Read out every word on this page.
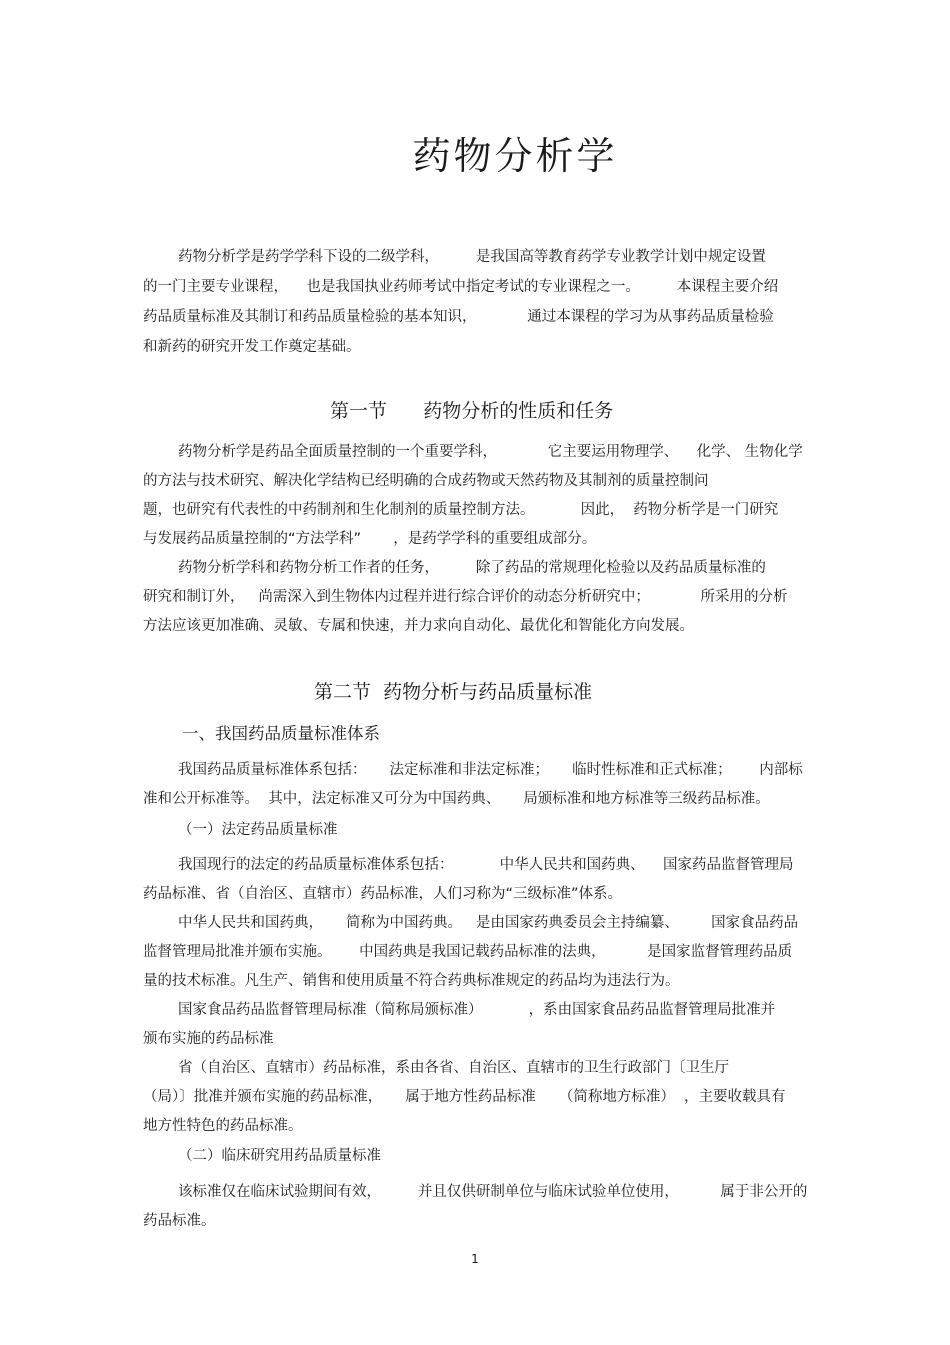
药物分析学
药物分析学是药学学科下设的二级学科，        是我国高等教育药学专业教学计划中规定设置
的一门主要专业课程，    也是我国执业药师考试中指定考试的专业课程之一。        本课程主要介绍
药品质量标准及其制订和药品质量检验的基本知识，           通过本课程的学习为从事药品质量检验
和新药的研究开发工作奠定基础。
第一节      药物分析的性质和任务
药物分析学是药品全面质量控制的一个重要学科，           它主要运用物理学、    化学、 生物化学
的方法与技术研究、解决化学结构已经明确的合成药物或天然药物及其制剂的质量控制问
题，也研究有代表性的中药制剂和生化制剂的质量控制方法。          因此，  药物分析学是一门研究
与发展药品质量控制的“方法学科”       ，是药学学科的重要组成部分。
药物分析学科和药物分析工作者的任务，        除了药品的常规理化检验以及药品质量标准的
研究和制订外，   尚需深入到生物体内过程并进行综合评价的动态分析研究中；           所采用的分析
方法应该更加准确、灵敏、专属和快速，并力求向自动化、最优化和智能化方向发展。
第二节  药物分析与药品质量标准
一、我国药品质量标准体系
我国药品质量标准体系包括：     法定标准和非法定标准；     临时性标准和正式标准；      内部标
准和公开标准等。  其中，法定标准又可分为中国药典、     局颁标准和地方标准等三级药品标准。
（一）法定药品质量标准
我国现行的法定的药品质量标准体系包括：          中华人民共和国药典、    国家药品监督管理局
药品标准、省（自治区、直辖市）药品标准，人们习称为“三级标准”体系。
中华人民共和国药典，     简称为中国药典。   是由国家药典委员会主持编纂、       国家食品药品
监督管理局批准并颁布实施。      中国药典是我国记载药品标准的法典，         是国家监督管理药品质
量的技术标准。凡生产、销售和使用质量不符合药典标准规定的药品均为违法行为。
国家食品药品监督管理局标准（简称局颁标准）          ，系由国家食品药品监督管理局批准并
颁布实施的药品标准
省（自治区、直辖市）药品标准，系由各省、自治区、直辖市的卫生行政部门〔卫生厅
（局）〕批准并颁布实施的药品标准，     属于地方性药品标准     （简称地方标准）  ，主要收载具有
地方性特色的药品标准。
（二）临床研究用药品质量标准
该标准仅在临床试验期间有效，        并且仅供研制单位与临床试验单位使用，         属于非公开的
药品标准。
1
